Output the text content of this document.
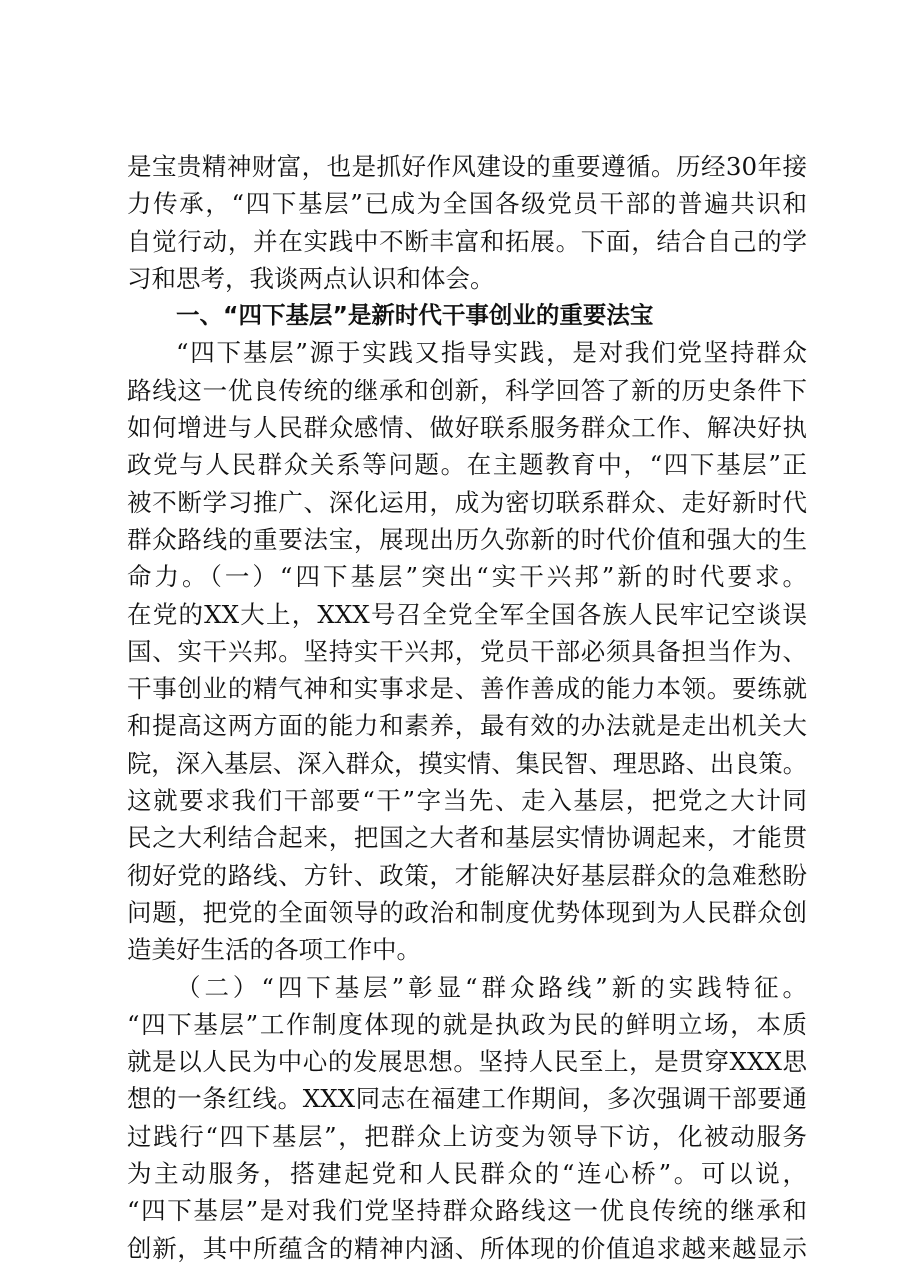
是宝贵精神财富，也是抓好作风建设的重要遵循。历经30年接
力传承，“四下基层”已成为全国各级党员干部的普遍共识和
自觉行动，并在实践中不断丰富和拓展。下面，结合自己的学
习和思考，我谈两点认识和体会。
一、“四下基层”是新时代干事创业的重要法宝
“四下基层”源于实践又指导实践，是对我们党坚持群众
路线这一优良传统的继承和创新，科学回答了新的历史条件下
如何增进与人民群众感情、做好联系服务群众工作、解决好执
政党与人民群众关系等问题。在主题教育中，“四下基层”正
被不断学习推广、深化运用，成为密切联系群众、走好新时代
群众路线的重要法宝，展现出历久弥新的时代价值和强大的生
命力。（一）“四下基层”突出“实干兴邦”新的时代要求。
在党的XX大上，XXX号召全党全军全国各族人民牢记空谈误
国、实干兴邦。坚持实干兴邦，党员干部必须具备担当作为、
干事创业的精气神和实事求是、善作善成的能力本领。要练就
和提高这两方面的能力和素养，最有效的办法就是走出机关大
院，深入基层、深入群众，摸实情、集民智、理思路、出良策。
这就要求我们干部要“干”字当先、走入基层，把党之大计同
民之大利结合起来，把国之大者和基层实情协调起来，才能贯
彻好党的路线、方针、政策，才能解决好基层群众的急难愁盼
问题，把党的全面领导的政治和制度优势体现到为人民群众创
造美好生活的各项工作中。
（二）“四下基层”彰显“群众路线”新的实践特征。
“四下基层”工作制度体现的就是执政为民的鲜明立场，本质
就是以人民为中心的发展思想。坚持人民至上，是贯穿XXX思
想的一条红线。XXX同志在福建工作期间，多次强调干部要通
过践行“四下基层”，把群众上访变为领导下访，化被动服务
为主动服务，搭建起党和人民群众的“连心桥”。可以说，
“四下基层”是对我们党坚持群众路线这一优良传统的继承和
创新，其中所蕴含的精神内涵、所体现的价值追求越来越显示
